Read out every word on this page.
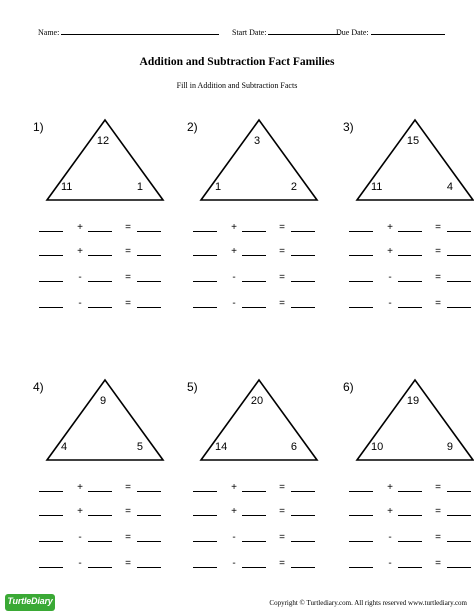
Name:	Start Date:	Due Date:
Addition and Subtraction Fact Families
Fill in Addition and Subtraction Facts
1)
12
11	1
+	=
+	=
-	=
-	=
2)
3
1	2
+	=
+	=
-	=
-	=
3)
15
11	4
+	=
+	=
-	=
-	=
4)
9
4	5
+	=
+	=
-	=
-	=
5)
20
14	6
+	=
+	=
-	=
-	=
6)
19
10	9
+	=
+	=
-	=
-	=
TurtleDiary	Copyright © Turtlediary.com. All rights reserved www.turtlediary.com
